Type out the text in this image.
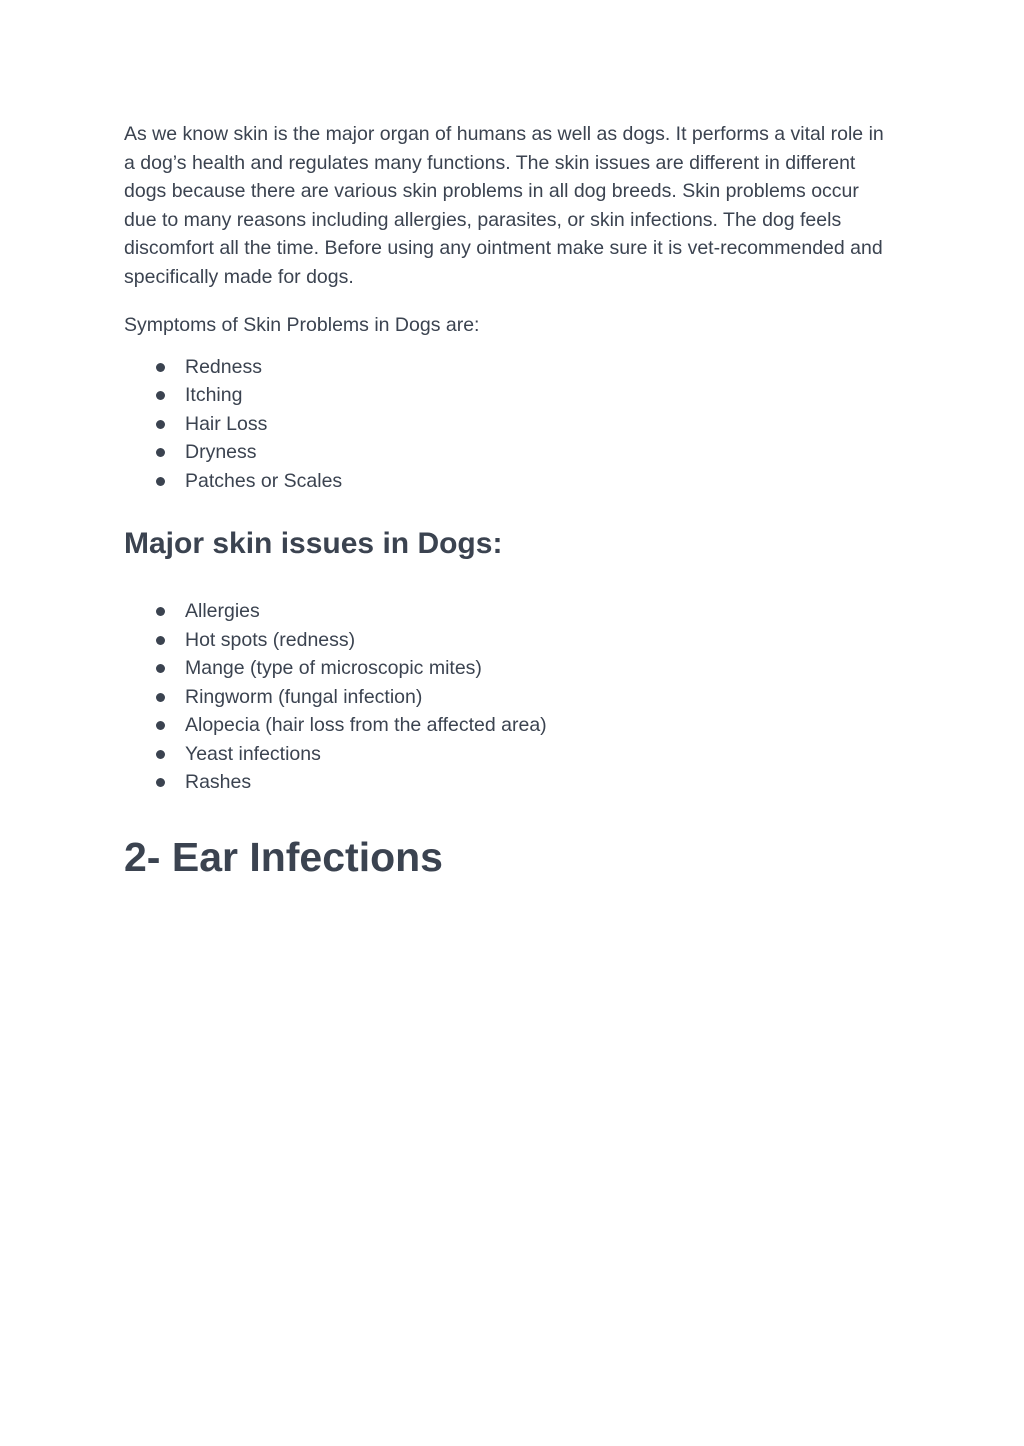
As we know skin is the major organ of humans as well as dogs. It performs a vital role in a dog’s health and regulates many functions. The skin issues are different in different dogs because there are various skin problems in all dog breeds. Skin problems occur due to many reasons including allergies, parasites, or skin infections. The dog feels discomfort all the time. Before using any ointment make sure it is vet-recommended and specifically made for dogs.

Symptoms of Skin Problems in Dogs are:

Redness
Itching
Hair Loss
Dryness
Patches or Scales
Major skin issues in Dogs:
Allergies
Hot spots (redness)
Mange (type of microscopic mites)
Ringworm (fungal infection)
Alopecia (hair loss from the affected area)
Yeast infections
Rashes
2- Ear Infections
